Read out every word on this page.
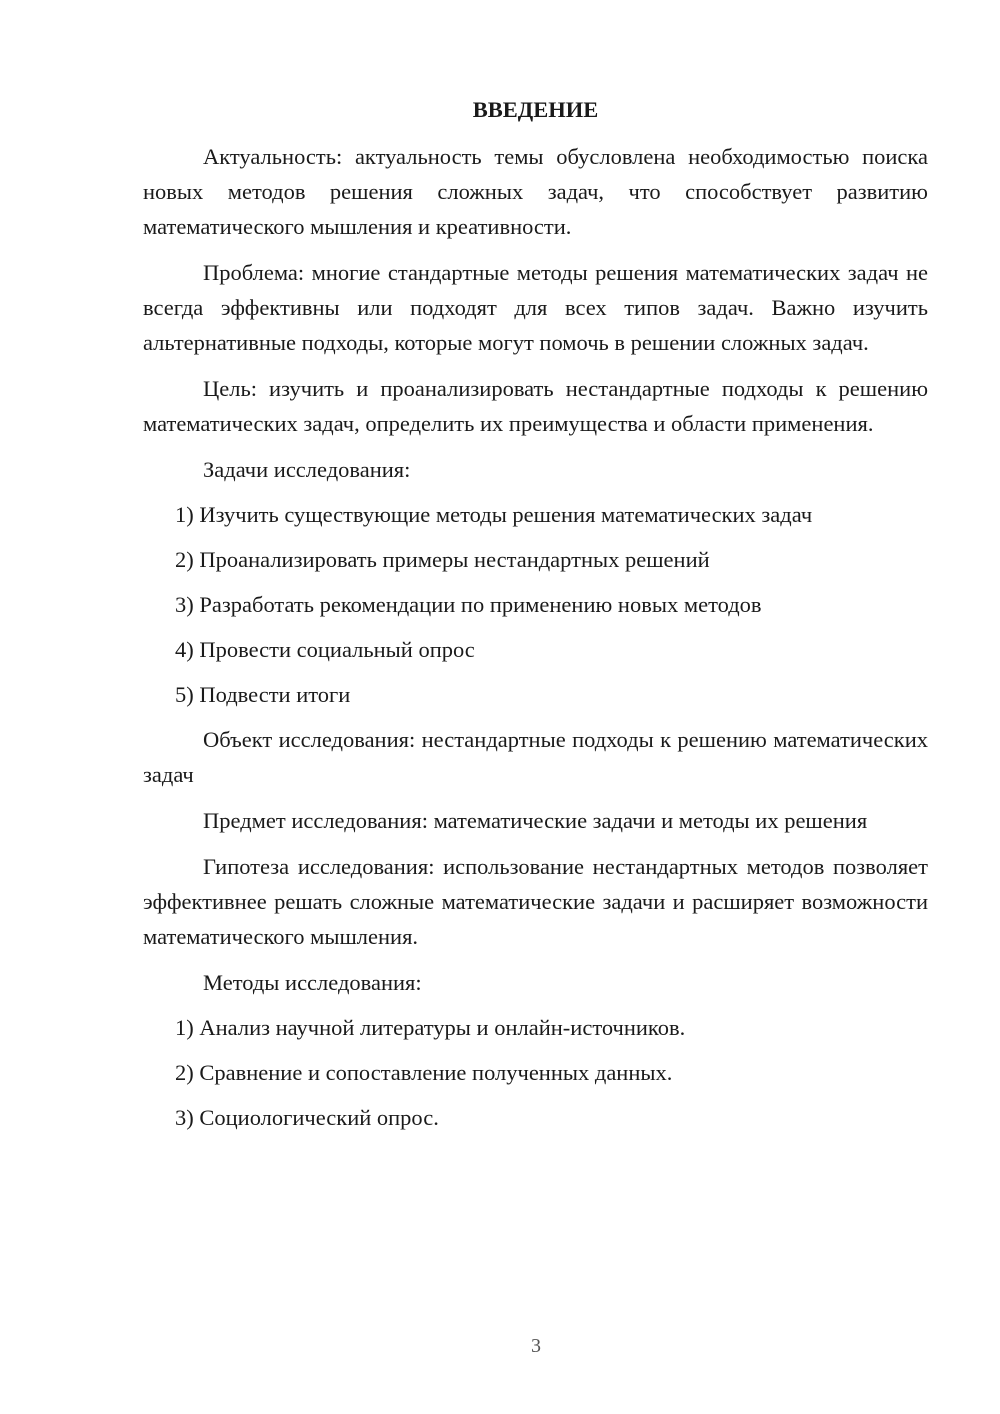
ВВЕДЕНИЕ

Актуальность: актуальность темы обусловлена необходимостью поиска новых методов решения сложных задач, что способствует развитию математического мышления и креативности.

Проблема: многие стандартные методы решения математических задач не всегда эффективны или подходят для всех типов задач. Важно изучить альтернативные подходы, которые могут помочь в решении сложных задач.

Цель: изучить и проанализировать нестандартные подходы к решению математических задач, определить их преимущества и области применения.

Задачи исследования:

1) Изучить существующие методы решения математических задач

2) Проанализировать примеры нестандартных решений

3) Разработать рекомендации по применению новых методов

4) Провести социальный опрос

5) Подвести итоги

Объект исследования: нестандартные подходы к решению математических задач

Предмет исследования: математические задачи и методы их решения

Гипотеза исследования: использование нестандартных методов позволяет эффективнее решать сложные математические задачи и расширяет возможности математического мышления.

Методы исследования:

1) Анализ научной литературы и онлайн-источников.

2) Сравнение и сопоставление полученных данных.

3) Социологический опрос.

3
